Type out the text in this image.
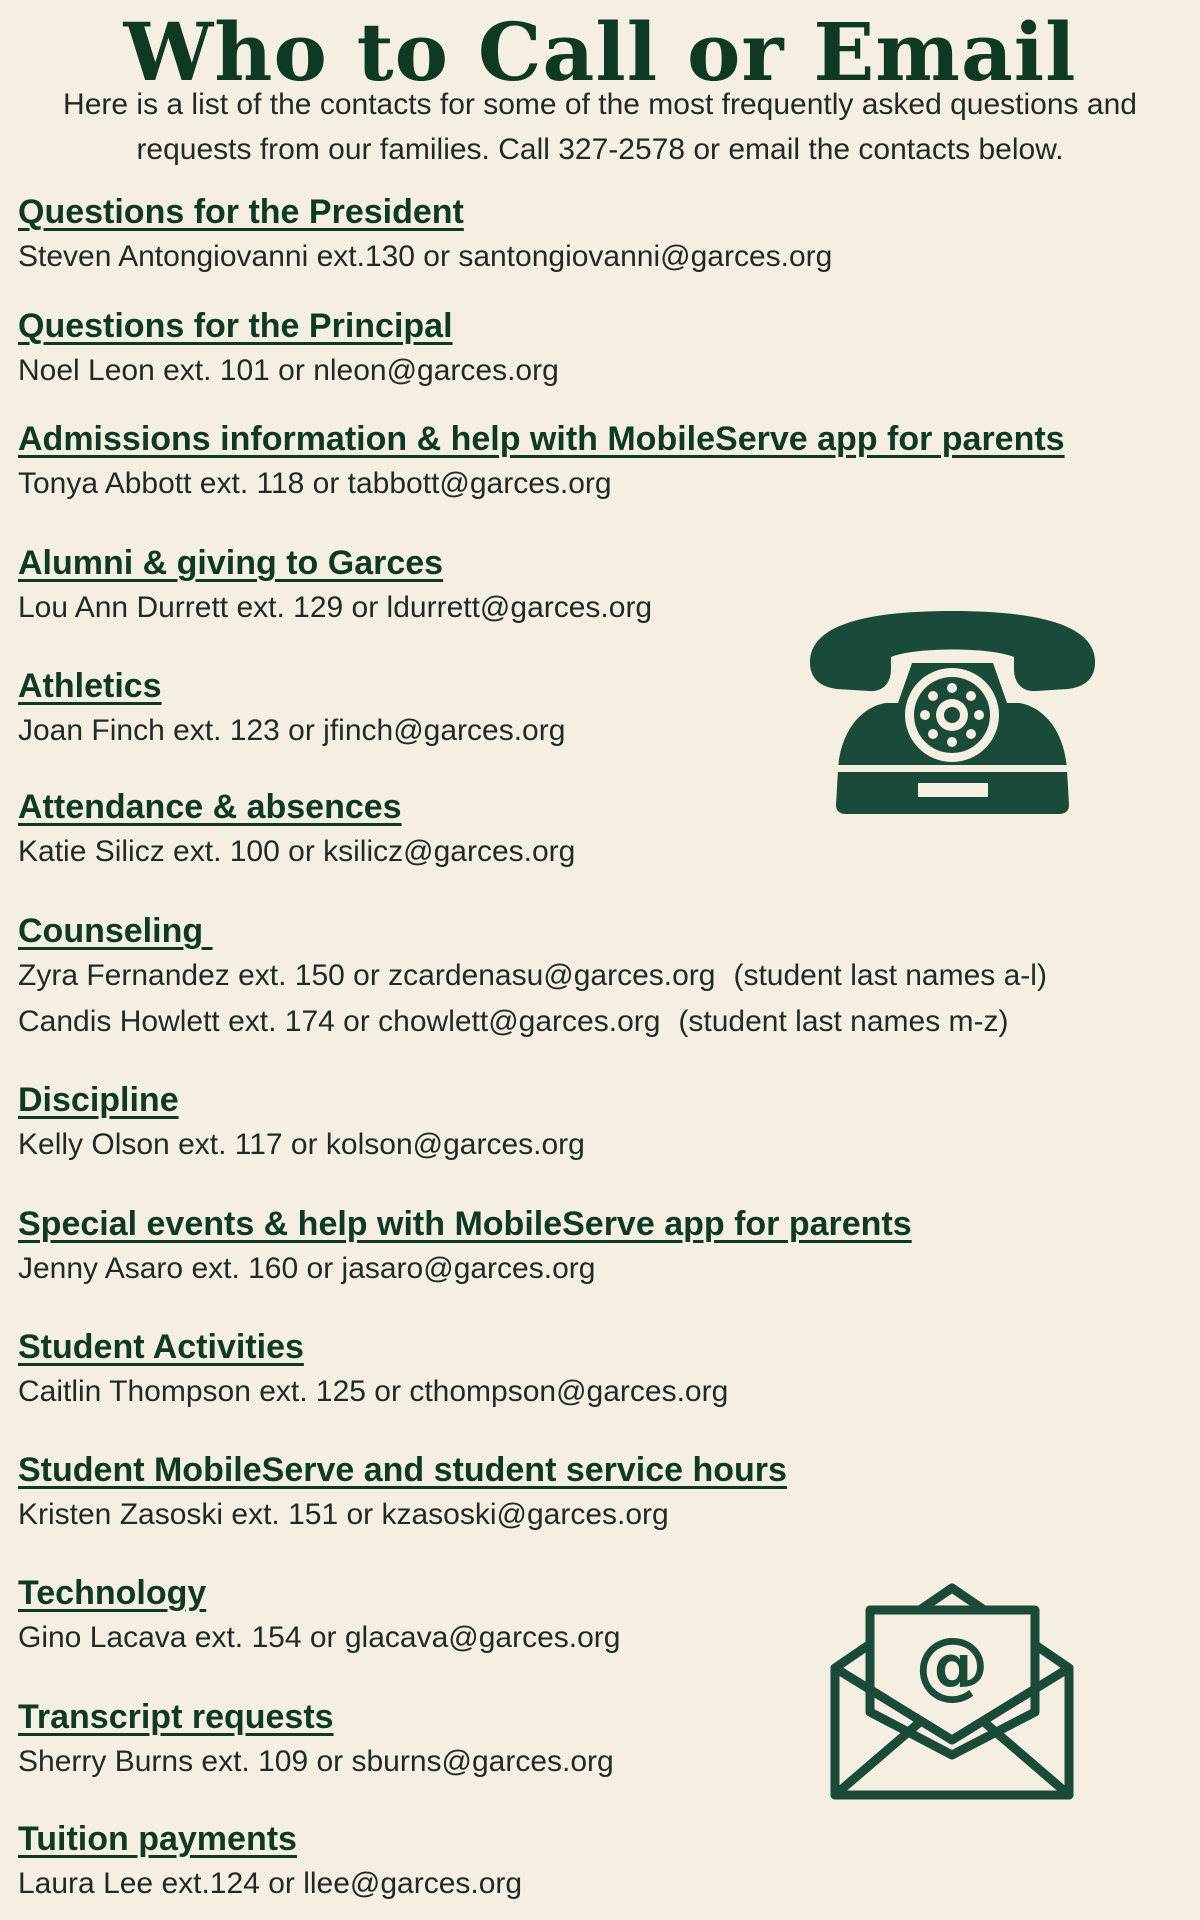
Who to Call or Email
Here is a list of the contacts for some of the most frequently asked questions and requests from our families. Call 327-2578 or email the contacts below.
Questions for the President
Steven Antongiovanni ext.130 or santongiovanni@garces.org
Questions for the Principal
Noel Leon ext. 101 or nleon@garces.org
Admissions information & help with MobileServe app for parents
Tonya Abbott ext. 118 or tabbott@garces.org
Alumni & giving to Garces
Lou Ann Durrett ext. 129 or ldurrett@garces.org
Athletics
Joan Finch ext. 123 or jfinch@garces.org
Attendance & absences
Katie Silicz ext. 100 or ksilicz@garces.org
Counseling
Zyra Fernandez ext. 150 or zcardenasu@garces.org (student last names a-l)
Candis Howlett ext. 174 or chowlett@garces.org (student last names m-z)
Discipline
Kelly Olson ext. 117 or kolson@garces.org
Special events & help with MobileServe app for parents
Jenny Asaro ext. 160 or jasaro@garces.org
Student Activities
Caitlin Thompson ext. 125 or cthompson@garces.org
Student MobileServe and student service hours
Kristen Zasoski ext. 151 or kzasoski@garces.org
Technology
Gino Lacava ext. 154 or glacava@garces.org
Transcript requests
Sherry Burns ext. 109 or sburns@garces.org
Tuition payments
Laura Lee ext.124 or llee@garces.org
@
